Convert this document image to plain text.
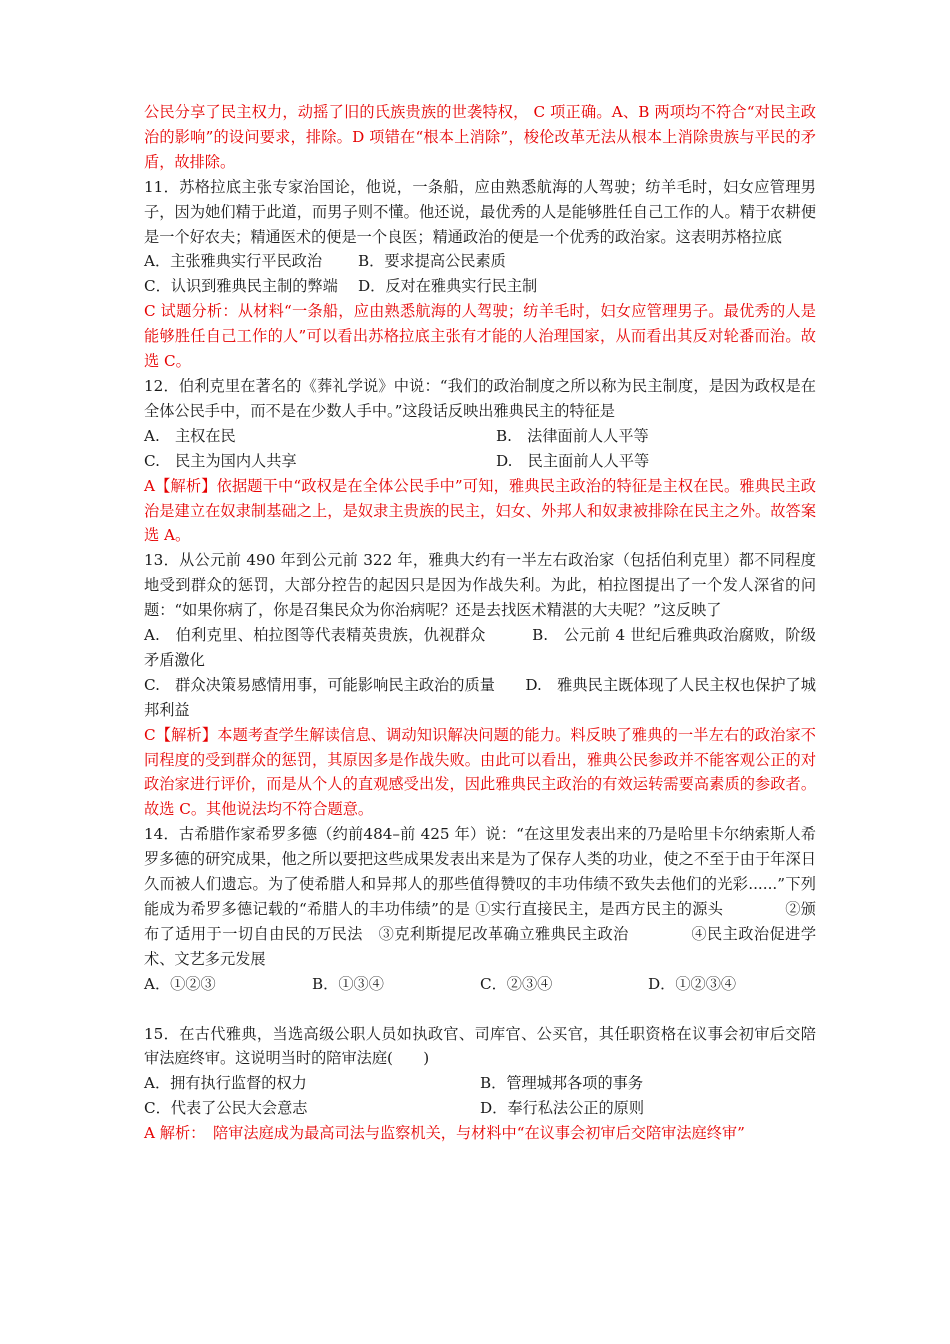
公民分享了民主权力，动摇了旧的氏族贵族的世袭特权， C 项正确。A、B 两项均不符合“对民主政治的影响”的设问要求，排除。D 项错在“根本上消除”，梭伦改革无法从根本上消除贵族与平民的矛盾，故排除。

11．苏格拉底主张专家治国论，他说，一条船，应由熟悉航海的人驾驶；纺羊毛时，妇女应管理男子，因为她们精于此道，而男子则不懂。他还说，最优秀的人是能够胜任自己工作的人。精于农耕便是一个好农夫；精通医术的便是一个良医；精通政治的便是一个优秀的政治家。这表明苏格拉底

A．主张雅典实行平民政治	B．要求提高公民素质
C．认识到雅典民主制的弊端	D．反对在雅典实行民主制

C 试题分析：从材料“一条船，应由熟悉航海的人驾驶；纺羊毛时，妇女应管理男子。最优秀的人是能够胜任自己工作的人”可以看出苏格拉底主张有才能的人治理国家，从而看出其反对轮番而治。故选 C。

12．伯利克里在著名的《葬礼学说》中说：“我们的政治制度之所以称为民主制度，是因为政权是在全体公民手中，而不是在少数人手中。”这段话反映出雅典民主的特征是

A.　主权在民	B.　法律面前人人平等
C.　民主为国内人共享	D.　民主面前人人平等

A【解析】依据题干中“政权是在全体公民手中”可知，雅典民主政治的特征是主权在民。雅典民主政治是建立在奴隶制基础之上，是奴隶主贵族的民主，妇女、外邦人和奴隶被排除在民主之外。故答案选 A。

13．从公元前 490 年到公元前 322 年，雅典大约有一半左右政治家（包括伯利克里）都不同程度地受到群众的惩罚，大部分控告的起因只是因为作战失利。为此，柏拉图提出了一个发人深省的问题：“如果你病了，你是召集民众为你治病呢？还是去找医术精湛的大夫呢？”这反映了

A.　伯利克里、柏拉图等代表精英贵族，仇视群众　　　B.　公元前 4 世纪后雅典政治腐败，阶级矛盾激化

C.　群众决策易感情用事，可能影响民主政治的质量　　D.　雅典民主既体现了人民主权也保护了城邦利益

C【解析】本题考查学生解读信息、调动知识解决问题的能力。料反映了雅典的一半左右的政治家不同程度的受到群众的惩罚，其原因多是作战失败。由此可以看出，雅典公民参政并不能客观公正的对政治家进行评价，而是从个人的直观感受出发，因此雅典民主政治的有效运转需要高素质的参政者。故选 C。其他说法均不符合题意。

14．古希腊作家希罗多德（约前484–前 425 年）说：“在这里发表出来的乃是哈里卡尔纳索斯人希罗多德的研究成果，他之所以要把这些成果发表出来是为了保存人类的功业，使之不至于由于年深日久而被人们遗忘。为了使希腊人和异邦人的那些值得赞叹的丰功伟绩不致失去他们的光彩......”下列能成为希罗多德记载的“希腊人的丰功伟绩”的是 ①实行直接民主，是西方民主的源头　　　　②颁布了适用于一切自由民的万民法　③克利斯提尼改革确立雅典民主政治　　　　④民主政治促进学术、文艺多元发展

A．①②③	B．①③④	C．②③④	D．①②③④

15．在古代雅典，当选高级公职人员如执政官、司库官、公买官，其任职资格在议事会初审后交陪审法庭终审。这说明当时的陪审法庭(　　)

A．拥有执行监督的权力	B．管理城邦各项的事务
C．代表了公民大会意志	D．奉行私法公正的原则

A 解析：　陪审法庭成为最高司法与监察机关，与材料中“在议事会初审后交陪审法庭终审”
